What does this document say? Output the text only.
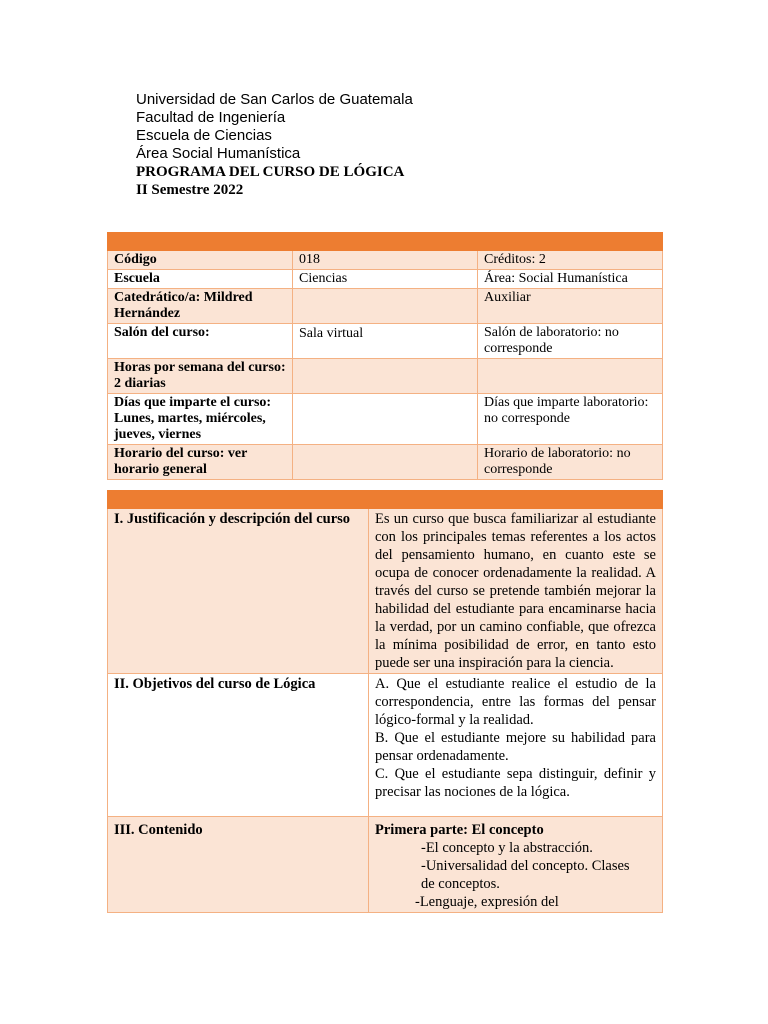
Universidad de San Carlos de Guatemala
Facultad de Ingeniería
Escuela de Ciencias
Área Social Humanística
PROGRAMA DEL CURSO DE LÓGICA
II Semestre 2022

Código	018	Créditos: 2
Escuela	Ciencias	Área: Social Humanística
Catedrático/a: Mildred Hernández		Auxiliar
Salón del curso:	Sala virtual	Salón de laboratorio: no corresponde
Horas por semana del curso: 2 diarias		
Días que imparte el curso: Lunes, martes, miércoles, jueves, viernes		Días que imparte laboratorio: no corresponde
Horario del curso: ver horario general		Horario de laboratorio: no corresponde

I. Justificación y descripción del curso	Es un curso que busca familiarizar al estudiante con los principales temas referentes a los actos del pensamiento humano, en cuanto este se ocupa de conocer ordenadamente la realidad. A través del curso se pretende también mejorar la habilidad del estudiante para encaminarse hacia la verdad, por un camino confiable, que ofrezca la mínima posibilidad de error, en tanto esto puede ser una inspiración para la ciencia.
II. Objetivos del curso de Lógica	A. Que el estudiante realice el estudio de la correspondencia, entre las formas del pensar lógico-formal y la realidad.
B. Que el estudiante mejore su habilidad para pensar ordenadamente.
C. Que el estudiante sepa distinguir, definir y precisar las nociones de la lógica.

III. Contenido	Primera parte: El concepto
-El concepto y la abstracción.
-Universalidad del concepto. Clases de conceptos.
-Lenguaje, expresión del
